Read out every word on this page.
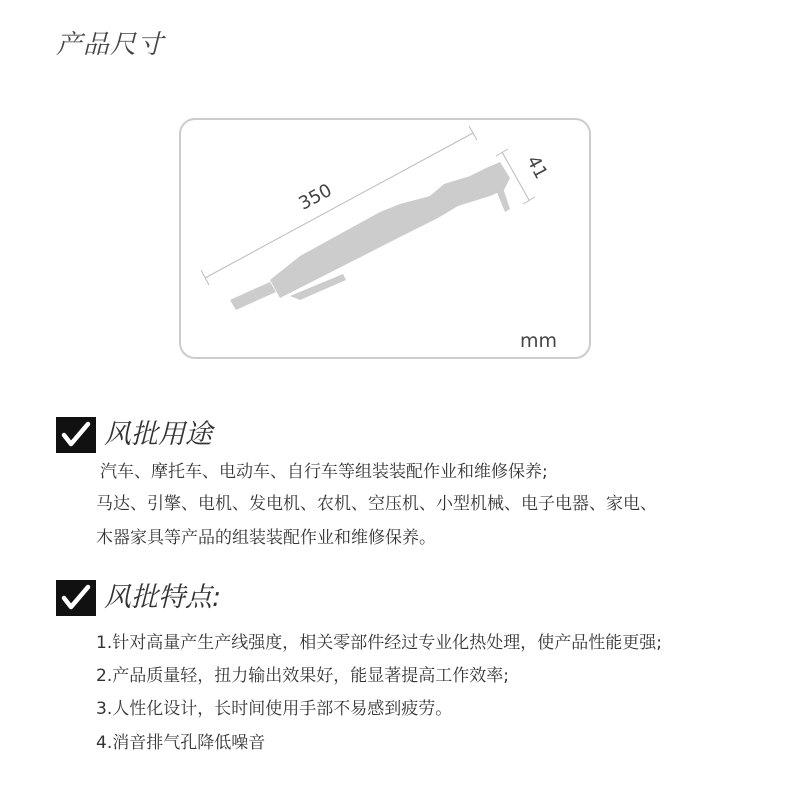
产品尺寸
350
41
mm
风批用途
汽车、摩托车、电动车、自行车等组装装配作业和维修保养;
马达、引擎、电机、发电机、农机、空压机、小型机械、电子电器、家电、
木器家具等产品的组装装配作业和维修保养。
风批特点:
1.针对高量产生产线强度，相关零部件经过专业化热处理，使产品性能更强;
2.产品质量轻，扭力输出效果好，能显著提高工作效率;
3.人性化设计，长时间使用手部不易感到疲劳。
4.消音排气孔降低噪音
